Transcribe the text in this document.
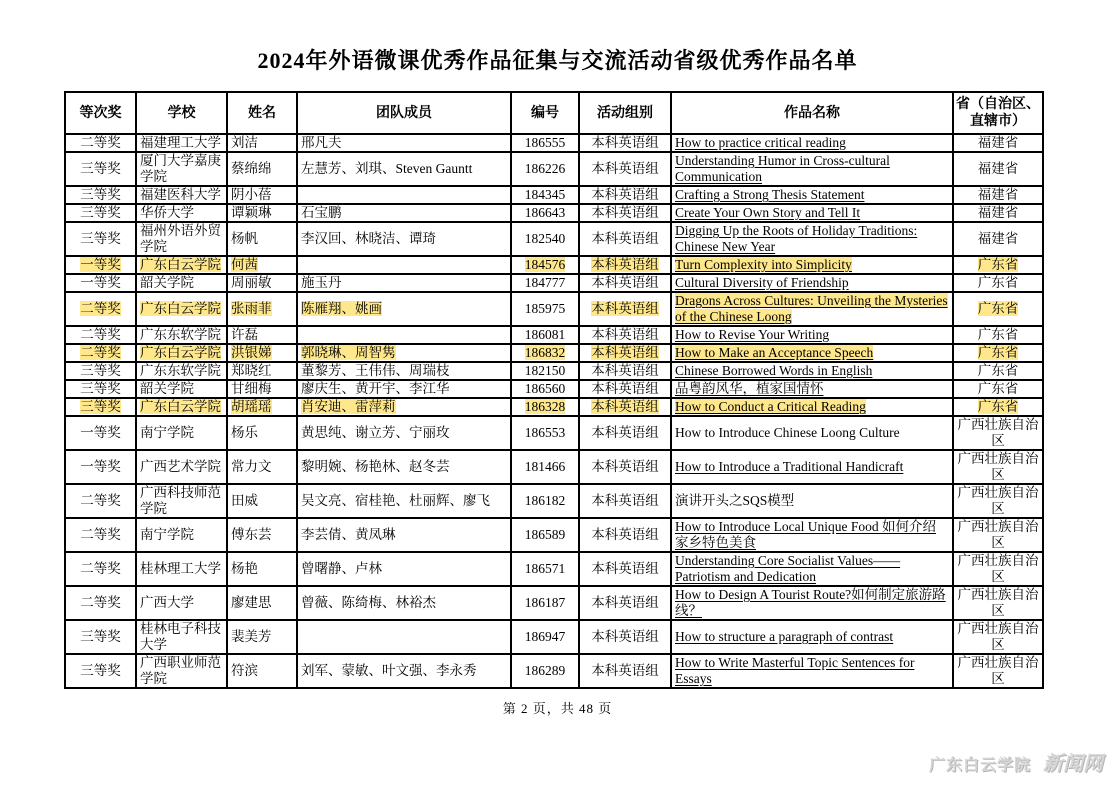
2024年外语微课优秀作品征集与交流活动省级优秀作品名单
等次奖	学校	姓名	团队成员	编号	活动组别	作品名称	省（自治区、直辖市）
二等奖	福建理工大学	刘洁	邢凡夫	186555	本科英语组	How to practice critical reading	福建省
三等奖	厦门大学嘉庚学院	蔡绵绵	左慧芳、刘琪、Steven Gauntt	186226	本科英语组	Understanding Humor in Cross-cultural Communication	福建省
三等奖	福建医科大学	阴小蓓		184345	本科英语组	Crafting a Strong Thesis Statement	福建省
三等奖	华侨大学	谭颖琳	石宝鹏	186643	本科英语组	Create Your Own Story and Tell It	福建省
三等奖	福州外语外贸学院	杨帆	李汉回、林晓洁、谭琦	182540	本科英语组	Digging Up the Roots of Holiday Traditions: Chinese New Year	福建省
一等奖	广东白云学院	何茜		184576	本科英语组	Turn Complexity into Simplicity	广东省
一等奖	韶关学院	周丽敏	施玉丹	184777	本科英语组	Cultural Diversity of Friendship	广东省
二等奖	广东白云学院	张雨菲	陈雁翔、姚画	185975	本科英语组	Dragons Across Cultures: Unveiling the Mysteries of the Chinese Loong	广东省
二等奖	广东东软学院	许磊		186081	本科英语组	How to Revise Your Writing	广东省
二等奖	广东白云学院	洪银娣	郭晓琳、周智隽	186832	本科英语组	How to Make an Acceptance Speech	广东省
三等奖	广东东软学院	郑晓红	董黎芳、王伟伟、周瑞枝	182150	本科英语组	Chinese Borrowed Words in English	广东省
三等奖	韶关学院	甘细梅	廖庆生、黄开宇、李江华	186560	本科英语组	品粤韵风华，植家国情怀	广东省
三等奖	广东白云学院	胡瑶瑶	肖安迪、雷萍莉	186328	本科英语组	How to Conduct a Critical Reading	广东省
一等奖	南宁学院	杨乐	黄思纯、谢立芳、宁丽玫	186553	本科英语组	How to Introduce Chinese Loong Culture	广西壮族自治区
一等奖	广西艺术学院	常力文	黎明婉、杨艳林、赵冬芸	181466	本科英语组	How to Introduce a Traditional Handicraft	广西壮族自治区
二等奖	广西科技师范学院	田威	吴文亮、宿桂艳、杜丽辉、廖飞	186182	本科英语组	演讲开头之SQS模型	广西壮族自治区
二等奖	南宁学院	傅东芸	李芸倩、黄凤琳	186589	本科英语组	How to Introduce Local Unique Food 如何介绍家乡特色美食	广西壮族自治区
二等奖	桂林理工大学	杨艳	曾曙静、卢林	186571	本科英语组	Understanding Core Socialist Values——Patriotism and Dedication	广西壮族自治区
二等奖	广西大学	廖建思	曾薇、陈绮梅、林裕杰	186187	本科英语组	How to Design A Tourist Route?如何制定旅游路线？	广西壮族自治区
三等奖	桂林电子科技大学	裴美芳		186947	本科英语组	How to structure a paragraph of contrast	广西壮族自治区
三等奖	广西职业师范学院	符滨	刘军、蒙敏、叶文强、李永秀	186289	本科英语组	How to Write Masterful Topic Sentences for Essays	广西壮族自治区
第 2 页，共 48 页
广东白云学院 新闻网
